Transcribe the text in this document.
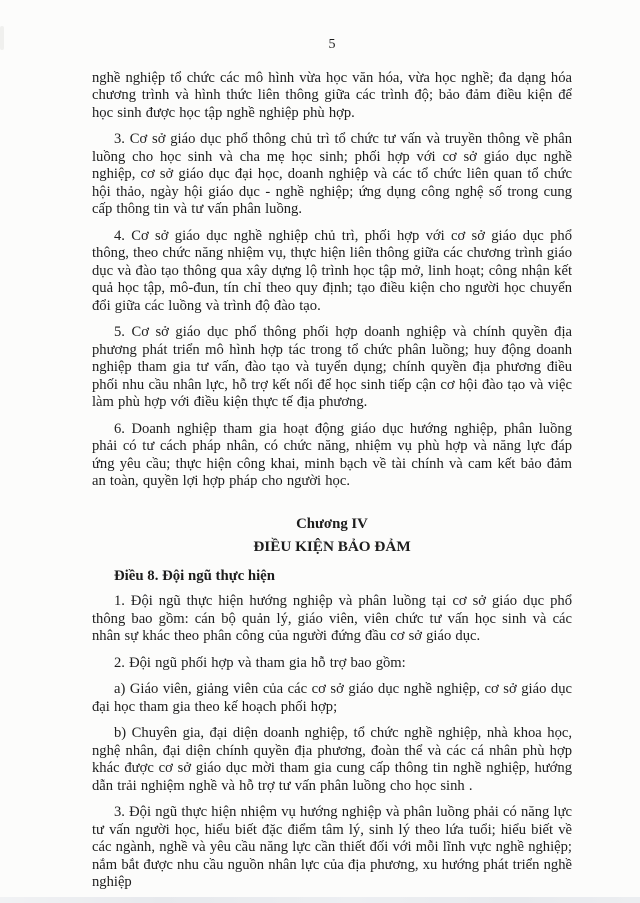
5

nghề nghiệp tổ chức các mô hình vừa học văn hóa, vừa học nghề; đa dạng hóa chương trình và hình thức liên thông giữa các trình độ; bảo đảm điều kiện để học sinh được học tập nghề nghiệp phù hợp.

3. Cơ sở giáo dục phổ thông chủ trì tổ chức tư vấn và truyền thông về phân luồng cho học sinh và cha mẹ học sinh; phối hợp với cơ sở giáo dục nghề nghiệp, cơ sở giáo dục đại học, doanh nghiệp và các tổ chức liên quan tổ chức hội thảo, ngày hội giáo dục - nghề nghiệp; ứng dụng công nghệ số trong cung cấp thông tin và tư vấn phân luồng.

4. Cơ sở giáo dục nghề nghiệp chủ trì, phối hợp với cơ sở giáo dục phổ thông, theo chức năng nhiệm vụ, thực hiện liên thông giữa các chương trình giáo dục và đào tạo thông qua xây dựng lộ trình học tập mở, linh hoạt; công nhận kết quả học tập, mô-đun, tín chỉ theo quy định; tạo điều kiện cho người học chuyển đổi giữa các luồng và trình độ đào tạo.

5. Cơ sở giáo dục phổ thông phối hợp doanh nghiệp và chính quyền địa phương phát triển mô hình hợp tác trong tổ chức phân luồng; huy động doanh nghiệp tham gia tư vấn, đào tạo và tuyển dụng; chính quyền địa phương điều phối nhu cầu nhân lực, hỗ trợ kết nối để học sinh tiếp cận cơ hội đào tạo và việc làm phù hợp với điều kiện thực tế địa phương.

6. Doanh nghiệp tham gia hoạt động giáo dục hướng nghiệp, phân luồng phải có tư cách pháp nhân, có chức năng, nhiệm vụ phù hợp và năng lực đáp ứng yêu cầu; thực hiện công khai, minh bạch về tài chính và cam kết bảo đảm an toàn, quyền lợi hợp pháp cho người học.

Chương IV
ĐIỀU KIỆN BẢO ĐẢM

Điều 8. Đội ngũ thực hiện

1. Đội ngũ thực hiện hướng nghiệp và phân luồng tại cơ sở giáo dục phổ thông bao gồm: cán bộ quản lý, giáo viên, viên chức tư vấn học sinh và các nhân sự khác theo phân công của người đứng đầu cơ sở giáo dục.

2. Đội ngũ phối hợp và tham gia hỗ trợ bao gồm:

a) Giáo viên, giảng viên của các cơ sở giáo dục nghề nghiệp, cơ sở giáo dục đại học tham gia theo kế hoạch phối hợp;

b) Chuyên gia, đại diện doanh nghiệp, tổ chức nghề nghiệp, nhà khoa học, nghệ nhân, đại diện chính quyền địa phương, đoàn thể và các cá nhân phù hợp khác được cơ sở giáo dục mời tham gia cung cấp thông tin nghề nghiệp, hướng dẫn trải nghiệm nghề và hỗ trợ tư vấn phân luồng cho học sinh .

3. Đội ngũ thực hiện nhiệm vụ hướng nghiệp và phân luồng phải có năng lực tư vấn người học, hiểu biết đặc điểm tâm lý, sinh lý theo lứa tuổi; hiểu biết về các ngành, nghề và yêu cầu năng lực cần thiết đối với mỗi lĩnh vực nghề nghiệp; nắm bắt được nhu cầu nguồn nhân lực của địa phương, xu hướng phát triển nghề nghiệp
